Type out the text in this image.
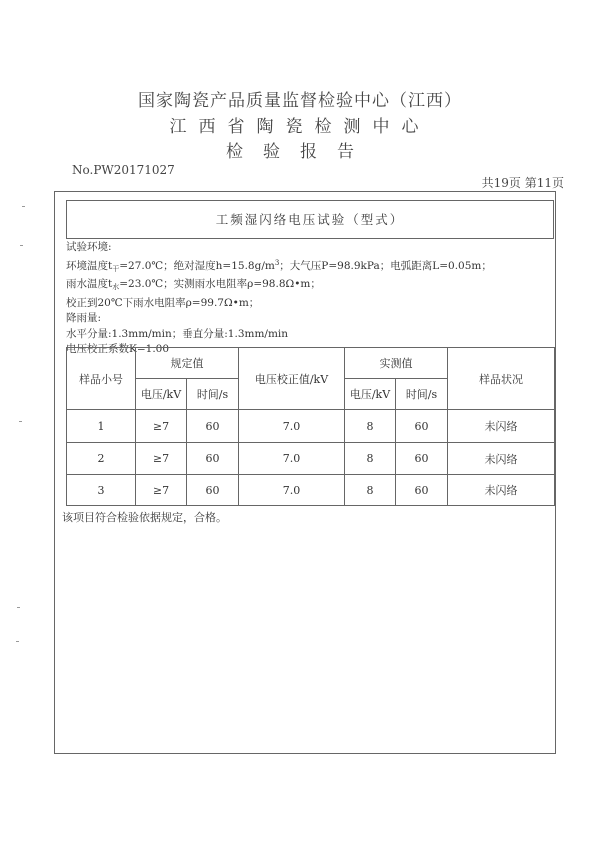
国家陶瓷产品质量监督检验中心（江西）
江西省陶瓷检测中心
检验报告
No.PW20171027
共19页 第11页
工频湿闪络电压试验（型式）
试验环境:
环境温度$t_干=27.0℃$；绝对湿度$h=15.8g/m^3$；大气压P=98.9kPa；电弧距离L=0.05m；
雨水温度$t_水=23.0℃$；实测雨水电阻率ρ=98.8Ω•m；
校正到20℃下雨水电阻率ρ=99.7Ω•m；
降雨量:
水平分量:1.3mm/min；垂直分量:1.3mm/min
电压校正系数K=1.00
样品小号	规定值		电压校正值/kV	实测值		样品状况
	电压/kV	时间/s		电压/kV	时间/s	
1	≥7	60	7.0	8	60	未闪络
2	≥7	60	7.0	8	60	未闪络
3	≥7	60	7.0	8	60	未闪络
该项目符合检验依据规定，合格。
